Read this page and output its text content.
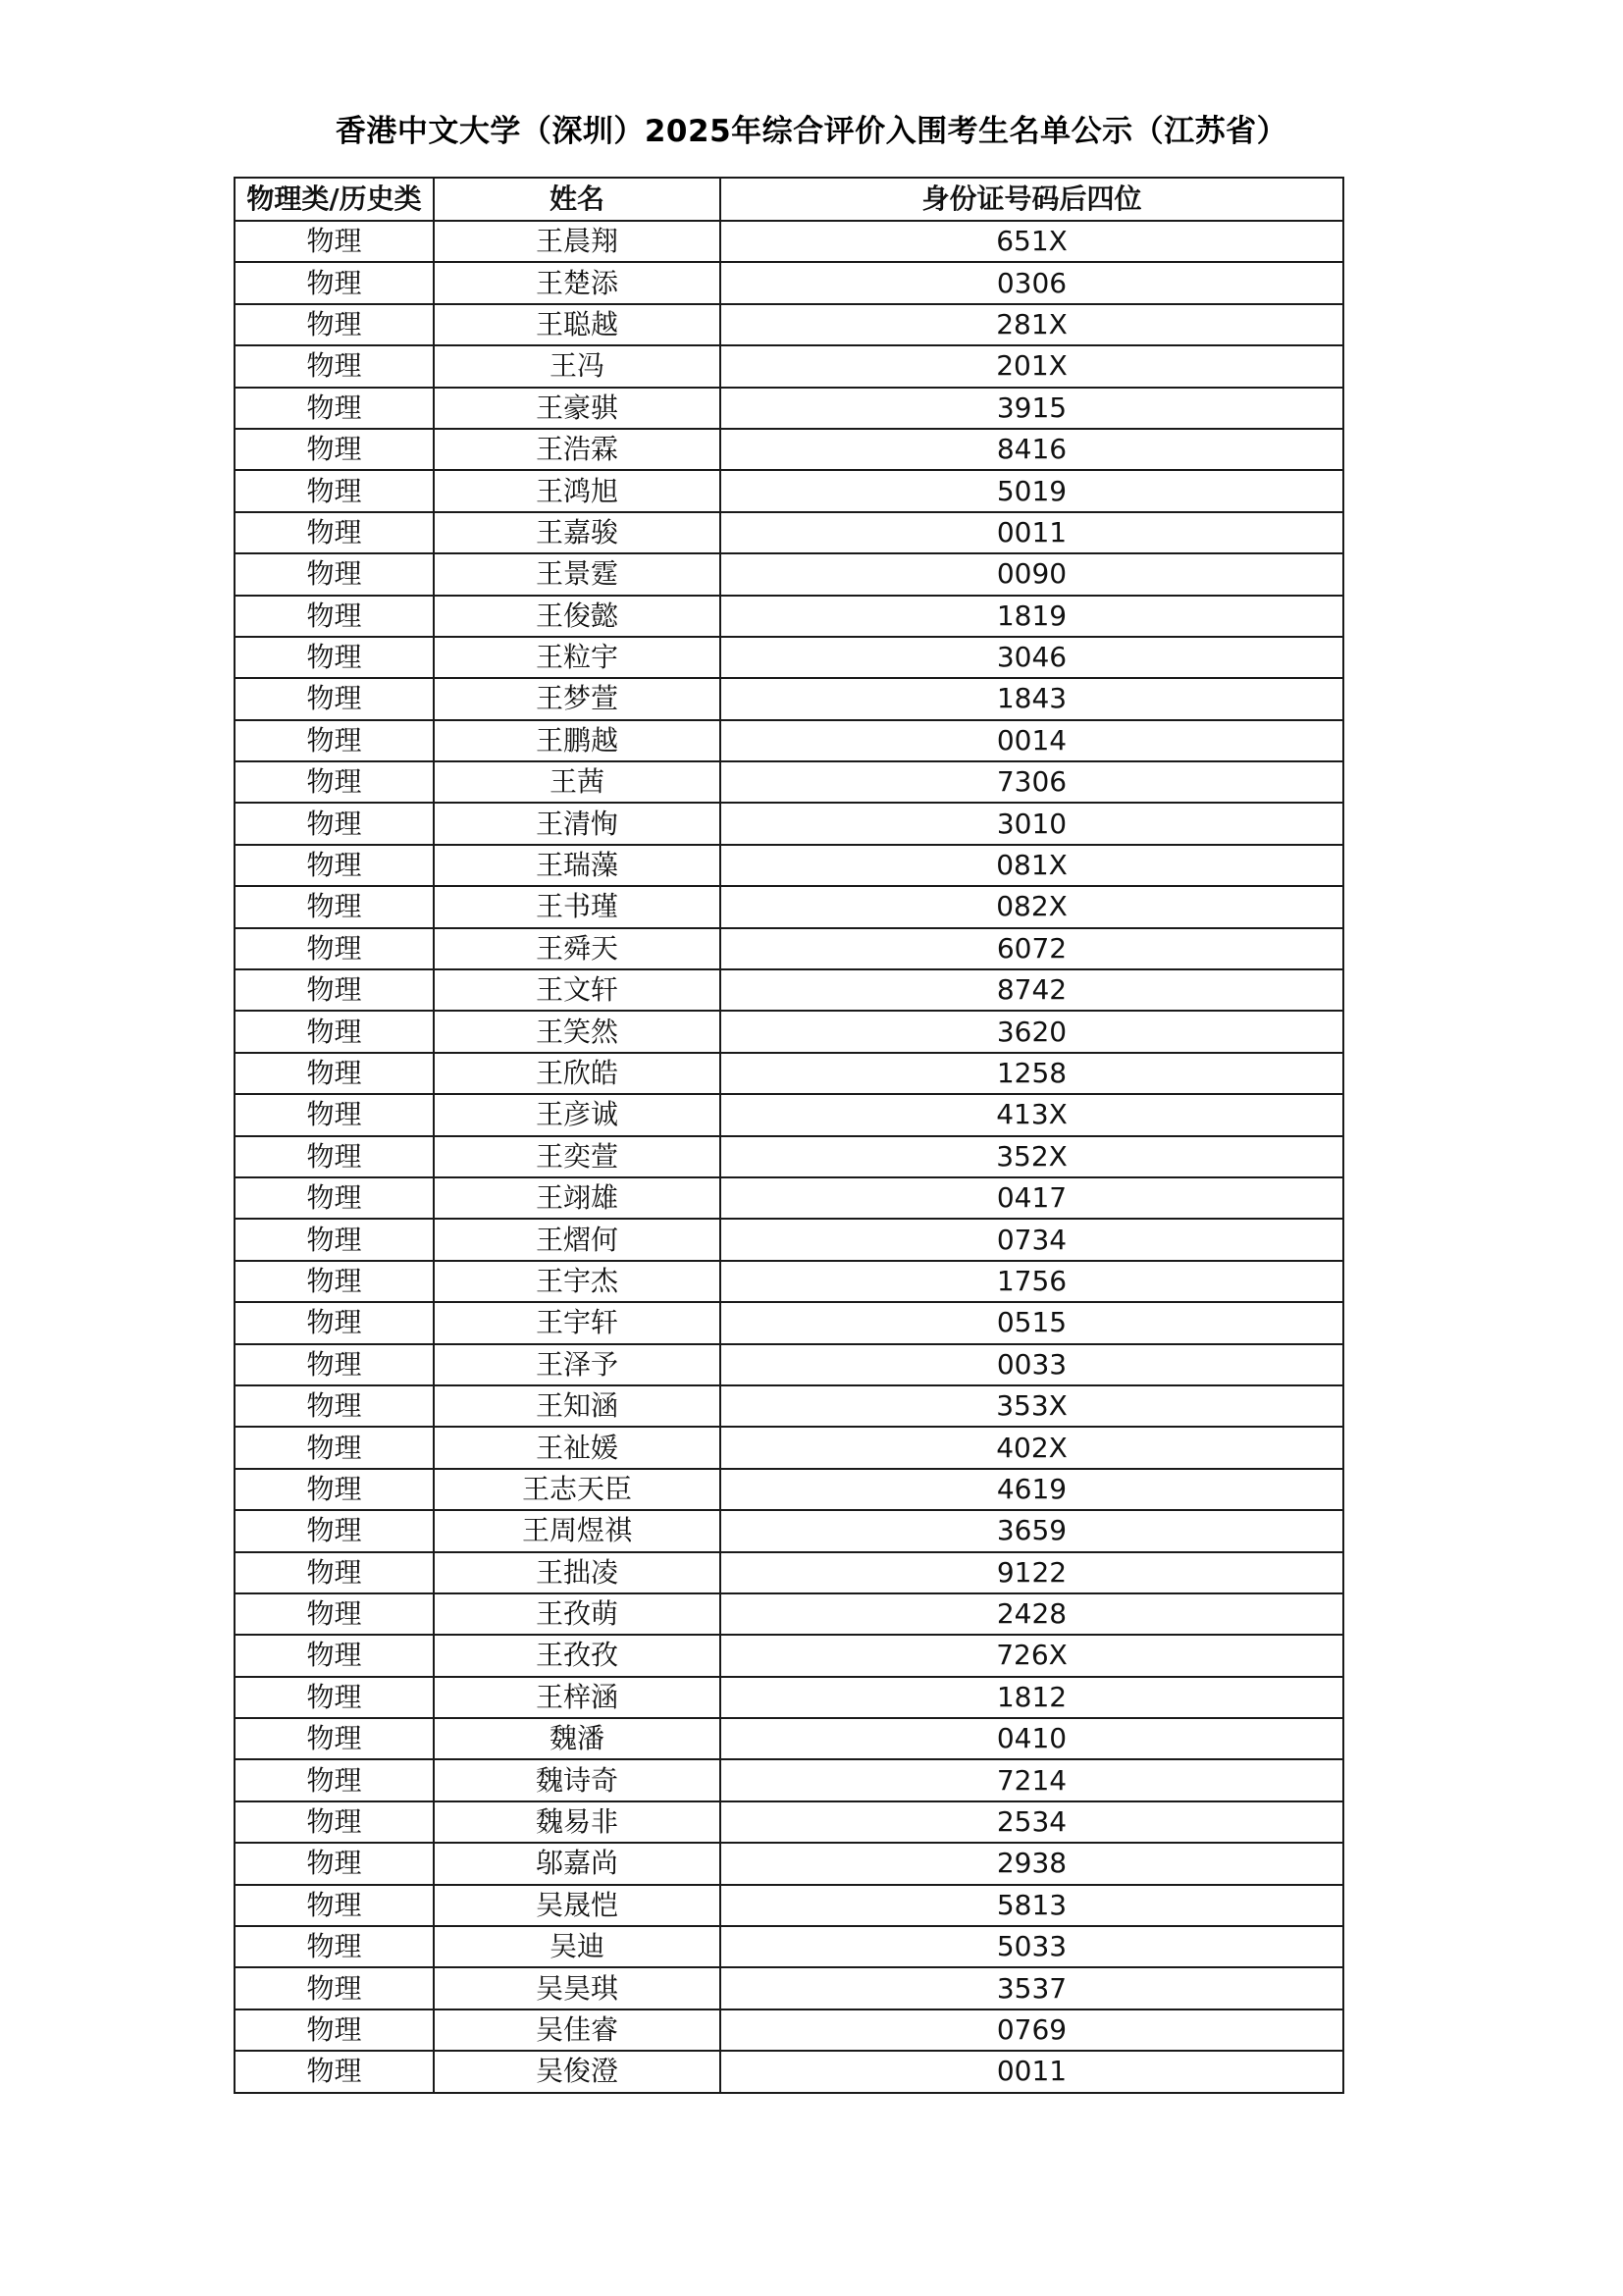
香港中文大学（深圳）2025年综合评价入围考生名单公示（江苏省）
物理类/历史类	姓名	身份证号码后四位
物理	王晨翔	651X
物理	王楚添	0306
物理	王聪越	281X
物理	王冯	201X
物理	王豪骐	3915
物理	王浩霖	8416
物理	王鸿旭	5019
物理	王嘉骏	0011
物理	王景霆	0090
物理	王俊懿	1819
物理	王粒宇	3046
物理	王梦萱	1843
物理	王鹏越	0014
物理	王茜	7306
物理	王清恂	3010
物理	王瑞藻	081X
物理	王书瑾	082X
物理	王舜天	6072
物理	王文轩	8742
物理	王笑然	3620
物理	王欣皓	1258
物理	王彦诚	413X
物理	王奕萱	352X
物理	王翊雄	0417
物理	王熠何	0734
物理	王宇杰	1756
物理	王宇轩	0515
物理	王泽予	0033
物理	王知涵	353X
物理	王祉媛	402X
物理	王志天臣	4619
物理	王周煜祺	3659
物理	王拙凌	9122
物理	王孜萌	2428
物理	王孜孜	726X
物理	王梓涵	1812
物理	魏潘	0410
物理	魏诗奇	7214
物理	魏易非	2534
物理	邬嘉尚	2938
物理	吴晟恺	5813
物理	吴迪	5033
物理	吴昊琪	3537
物理	吴佳睿	0769
物理	吴俊澄	0011
